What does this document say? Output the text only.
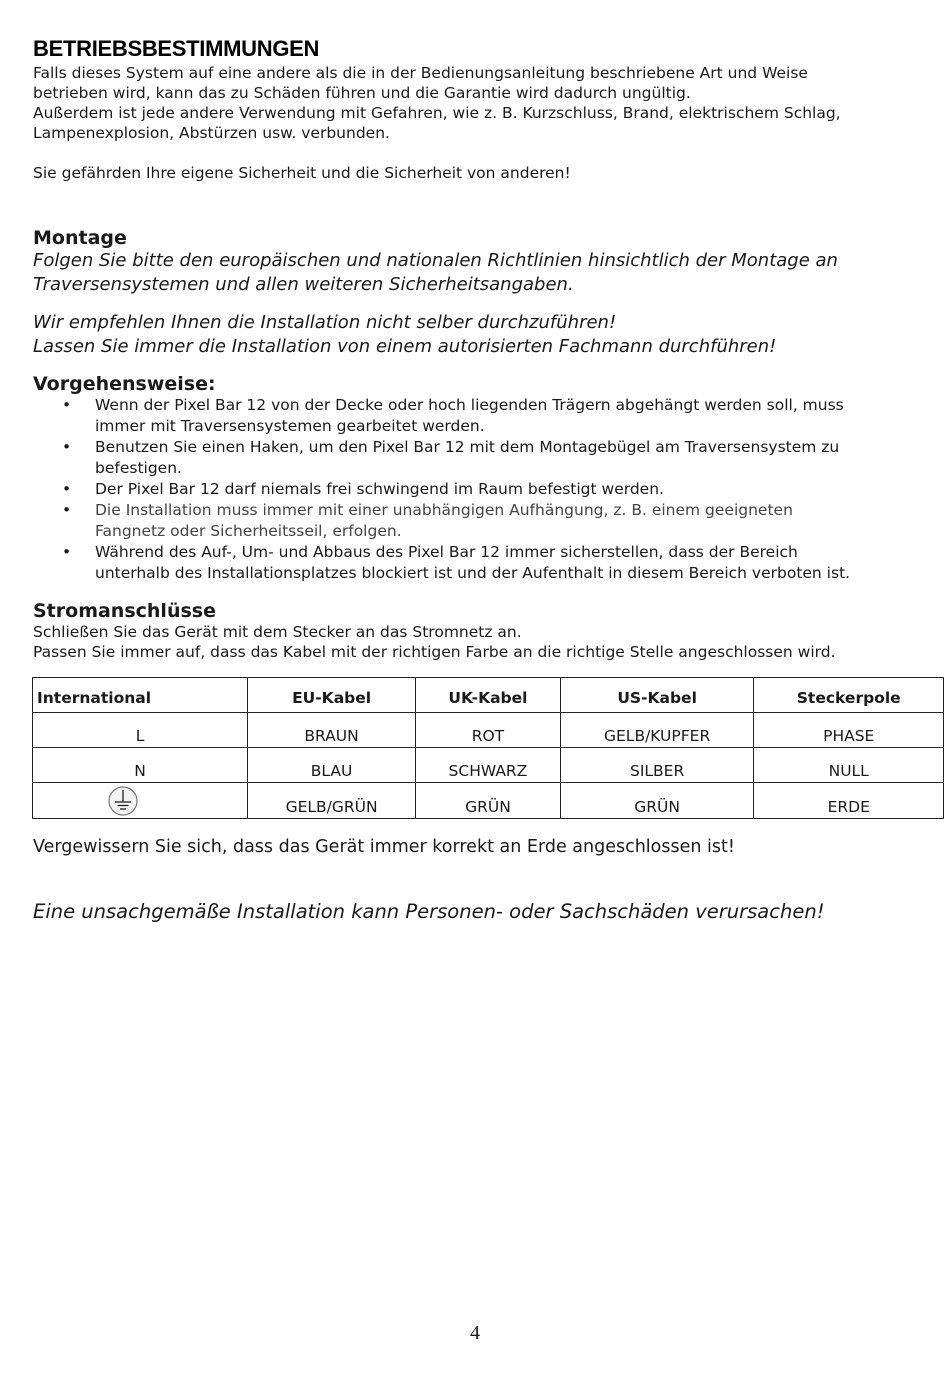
BETRIEBSBESTIMMUNGEN

Falls dieses System auf eine andere als die in der Bedienungsanleitung beschriebene Art und Weise

betrieben wird, kann das zu Schäden führen und die Garantie wird dadurch ungültig.

Außerdem ist jede andere Verwendung mit Gefahren, wie z. B. Kurzschluss, Brand, elektrischem Schlag,

Lampenexplosion, Abstürzen usw. verbunden.

Sie gefährden Ihre eigene Sicherheit und die Sicherheit von anderen!

Montage

Folgen Sie bitte den europäischen und nationalen Richtlinien hinsichtlich der Montage an

Traversensystemen und allen weiteren Sicherheitsangaben.

Wir empfehlen Ihnen die Installation nicht selber durchzuführen!

Lassen Sie immer die Installation von einem autorisierten Fachmann durchführen!

Vorgehensweise:
• Wenn der Pixel Bar 12 von der Decke oder hoch liegenden Trägern abgehängt werden soll, muss
immer mit Traversensystemen gearbeitet werden.
• Benutzen Sie einen Haken, um den Pixel Bar 12 mit dem Montagebügel am Traversensystem zu
befestigen.
• Der Pixel Bar 12 darf niemals frei schwingend im Raum befestigt werden.
• Die Installation muss immer mit einer unabhängigen Aufhängung, z. B. einem geeigneten
Fangnetz oder Sicherheitsseil, erfolgen.
• Während des Auf-, Um- und Abbaus des Pixel Bar 12 immer sicherstellen, dass der Bereich
unterhalb des Installationsplatzes blockiert ist und der Aufenthalt in diesem Bereich verboten ist.
Stromanschlüsse

Schließen Sie das Gerät mit dem Stecker an das Stromnetz an.

Passen Sie immer auf, dass das Kabel mit der richtigen Farbe an die richtige Stelle angeschlossen wird.

International	EU-Kabel	UK-Kabel	US-Kabel	Steckerpole
L	BRAUN	ROT	GELB/KUPFER	PHASE
N	BLAU	SCHWARZ	SILBER	NULL

	GELB/GRÜN	GRÜN	GRÜN	ERDE

Vergewissern Sie sich, dass das Gerät immer korrekt an Erde angeschlossen ist!

Eine unsachgemäße Installation kann Personen- oder Sachschäden verursachen!

4
